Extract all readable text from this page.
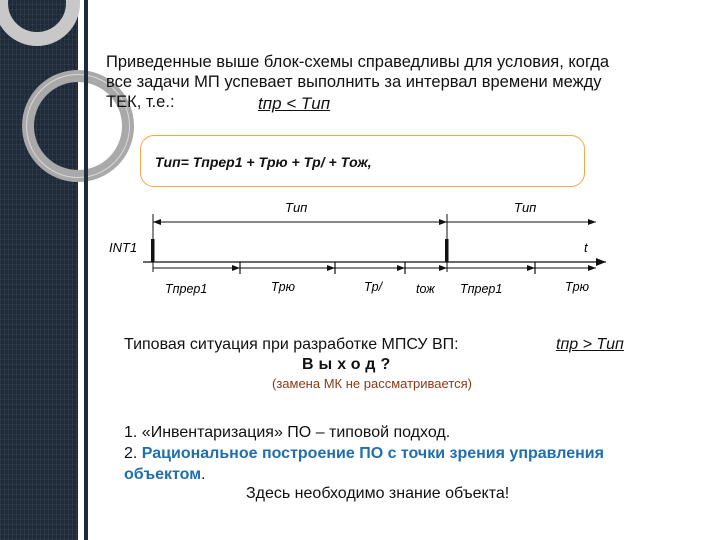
Приведенные выше блок-схемы справедливы для условия, когда
все задачи МП успевает выполнить за интервал времени между
ТЕК, т.е.:	tпр < Tип

Tип= Tпрер1 + Tрю + Tр/ + Tож,

Tип	Tип
INT1	t
Tпрер1	Tрю	Tр/	tож Tпрер1	Tрю

Типовая ситуация при разработке МПСУ ВП:	tпр > Tип

Выход?

(замена МК не рассматривается)

1. «Инвентаризация» ПО – типовой подход.
2. Рациональное построение ПО с точки зрения управления объектом.

Здесь необходимо знание объекта!
